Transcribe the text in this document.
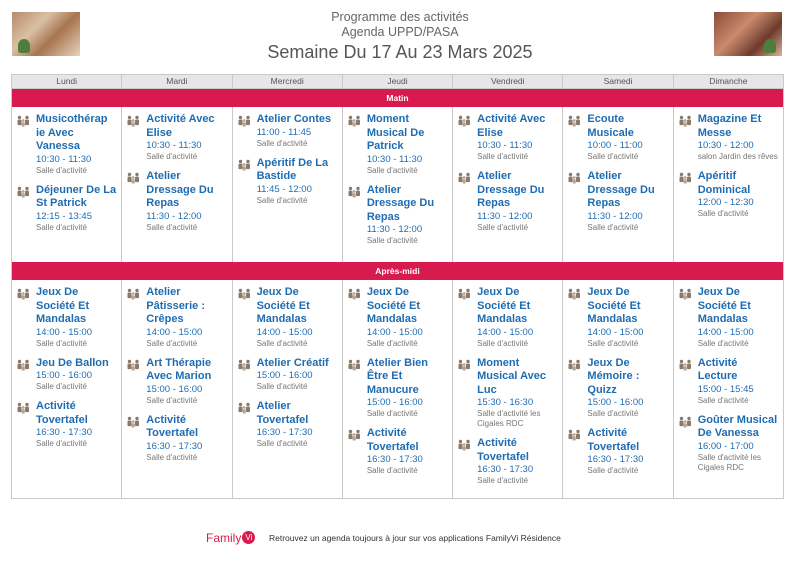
Programme des activités
Agenda UPPD/PASA
Semaine Du 17 Au 23 Mars 2025
Lundi	Mardi	Mercredi	Jeudi	Vendredi	Samedi	Dimanche
Matin
Musicothérap ie Avec Vanessa
10:30 - 11:30
Salle d'activité
Déjeuner De La St Patrick
12:15 - 13:45
Salle d'activité
Activité Avec Elise
10:30 - 11:30
Salle d'activité
Atelier Dressage Du Repas
11:30 - 12:00
Salle d'activité
Atelier Contes
11:00 - 11:45
Salle d'activité
Apéritif De La Bastide
11:45 - 12:00
Salle d'activité
Moment Musical De Patrick
10:30 - 11:30
Salle d'activité
Atelier Dressage Du Repas
11:30 - 12:00
Salle d'activité
Activité Avec Elise
10:30 - 11:30
Salle d'activité
Atelier Dressage Du Repas
11:30 - 12:00
Salle d'activité
Ecoute Musicale
10:00 - 11:00
Salle d'activité
Atelier Dressage Du Repas
11:30 - 12:00
Salle d'activité
Magazine Et Messe
10:30 - 12:00
salon Jardin des rêves
Apéritif Dominical
12:00 - 12:30
Salle d'activité
Après-midi
Jeux De Société Et Mandalas
14:00 - 15:00
Salle d'activité
Jeu De Ballon
15:00 - 16:00
Salle d'activité
Activité Tovertafel
16:30 - 17:30
Salle d'activité
Atelier Pâtisserie : Crêpes
14:00 - 15:00
Salle d'activité
Art Thérapie Avec Marion
15:00 - 16:00
Salle d'activité
Activité Tovertafel
16:30 - 17:30
Salle d'activité
Jeux De Société Et Mandalas
14:00 - 15:00
Salle d'activité
Atelier Créatif
15:00 - 16:00
Salle d'activité
Atelier Tovertafel
16:30 - 17:30
Salle d'activité
Jeux De Société Et Mandalas
14:00 - 15:00
Salle d'activité
Atelier Bien Être Et Manucure
15:00 - 16:00
Salle d'activité
Activité Tovertafel
16:30 - 17:30
Salle d'activité
Jeux De Société Et Mandalas
14:00 - 15:00
Salle d'activité
Moment Musical Avec Luc
15:30 - 16:30
Salle d'activité les Cigales RDC
Activité Tovertafel
16:30 - 17:30
Salle d'activité
Jeux De Société Et Mandalas
14:00 - 15:00
Salle d'activité
Jeux De Mémoire : Quizz
15:00 - 16:00
Salle d'activité
Activité Tovertafel
16:30 - 17:30
Salle d'activité
Jeux De Société Et Mandalas
14:00 - 15:00
Salle d'activité
Activité Lecture
15:00 - 15:45
Salle d'activité
Goûter Musical De Vanessa
16:00 - 17:00
Salle d'activité les Cigales RDC
Family Vi	Retrouvez un agenda toujours à jour sur vos applications FamilyVi Résidence
